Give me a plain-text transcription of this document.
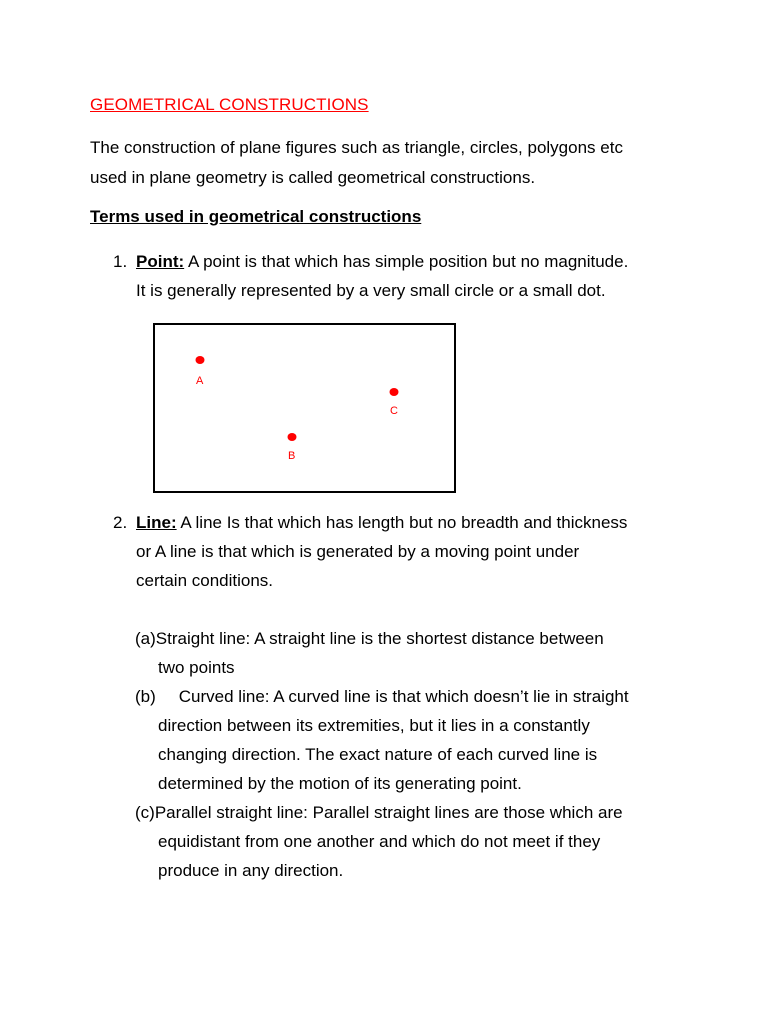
GEOMETRICAL CONSTRUCTIONS
The construction of plane figures such as triangle, circles, polygons etc
used in plane geometry is called geometrical constructions.
Terms used in geometrical constructions
1. Point: A point is that which has simple position but no magnitude.
It is generally represented by a very small circle or a small dot.
A
B
C
2. Line: A line Is that which has length but no breadth and thickness
or A line is that which is generated by a moving point under
certain conditions.
(a)Straight line: A straight line is the shortest distance between
two points
(b) Curved line: A curved line is that which doesn’t lie in straight
direction between its extremities, but it lies in a constantly
changing direction. The exact nature of each curved line is
determined by the motion of its generating point.
(c)Parallel straight line: Parallel straight lines are those which are
equidistant from one another and which do not meet if they
produce in any direction.
